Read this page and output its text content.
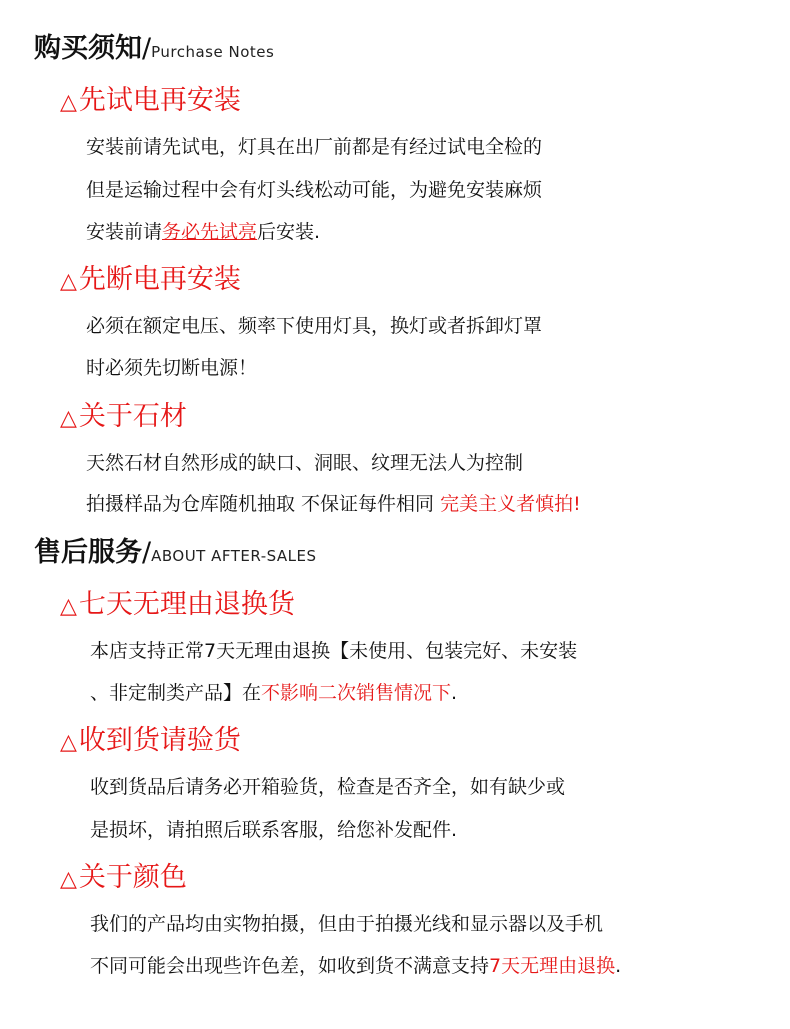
购买须知/Purchase Notes
△先试电再安装
安装前请先试电，灯具在出厂前都是有经过试电全检的
但是运输过程中会有灯头线松动可能，为避免安装麻烦
安装前请务必先试亮后安装.
△先断电再安装
必须在额定电压、频率下使用灯具，换灯或者拆卸灯罩
时必须先切断电源！
△关于石材
天然石材自然形成的缺口、洞眼、纹理无法人为控制
拍摄样品为仓库随机抽取 不保证每件相同 完美主义者慎拍!
售后服务/ABOUT AFTER-SALES
△七天无理由退换货
本店支持正常7天无理由退换【未使用、包装完好、未安装
、非定制类产品】在不影响二次销售情况下.
△收到货请验货
收到货品后请务必开箱验货，检查是否齐全，如有缺少或
是损坏，请拍照后联系客服，给您补发配件.
△关于颜色
我们的产品均由实物拍摄，但由于拍摄光线和显示器以及手机
不同可能会出现些许色差，如收到货不满意支持7天无理由退换.
